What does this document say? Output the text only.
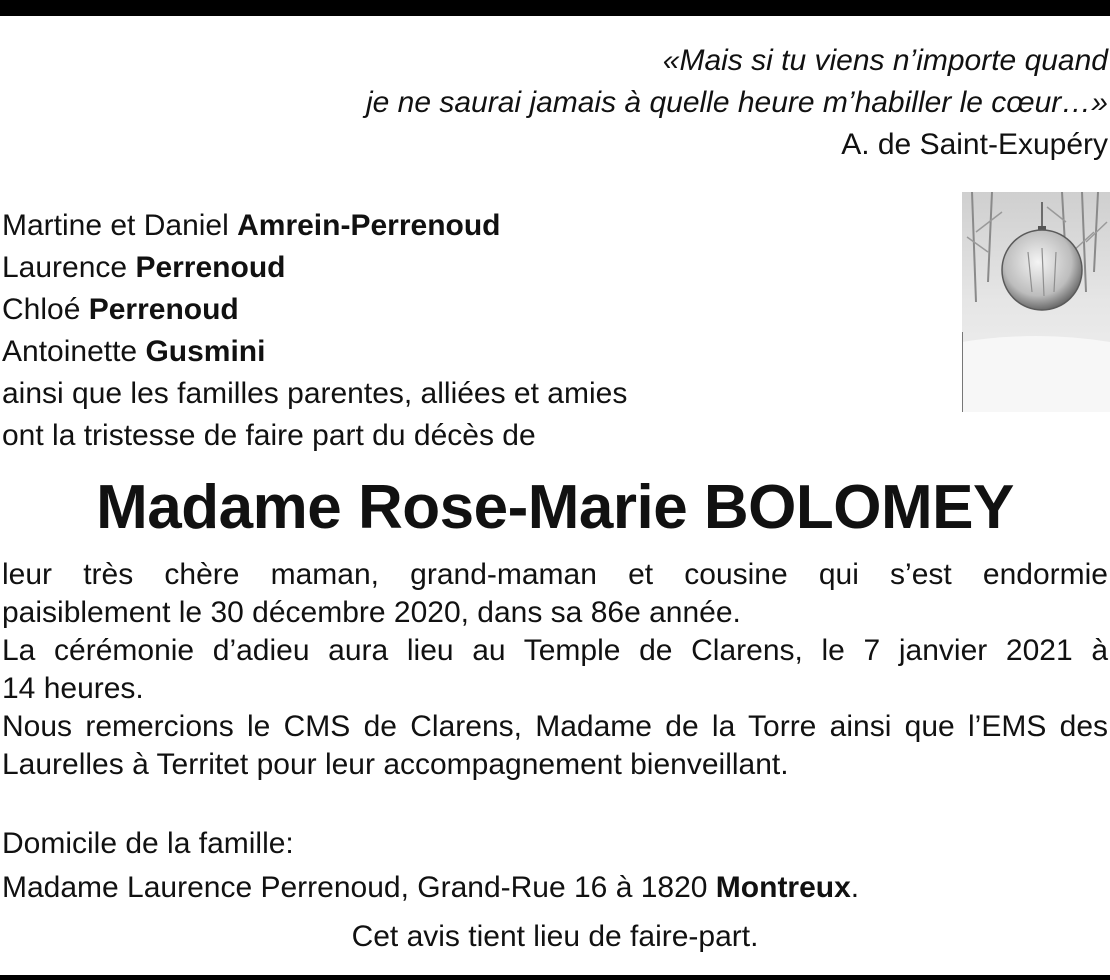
«Mais si tu viens n’importe quand
je ne saurai jamais à quelle heure m’habiller le cœur…»
A. de Saint-Exupéry
Martine et Daniel Amrein-Perrenoud
Laurence Perrenoud
Chloé Perrenoud
Antoinette Gusmini
ainsi que les familles parentes, alliées et amies
ont la tristesse de faire part du décès de
Madame Rose-Marie BOLOMEY

leur très chère maman, grand-maman et cousine qui s’est endormie

paisiblement le 30 décembre 2020, dans sa 86e année.

La cérémonie d’adieu aura lieu au Temple de Clarens, le 7 janvier 2021 à

14 heures.

Nous remercions le CMS de Clarens, Madame de la Torre ainsi que l’EMS des

Laurelles à Territet pour leur accompagnement bienveillant.

Domicile de la famille:
Madame Laurence Perrenoud, Grand-Rue 16 à 1820 Montreux.
Cet avis tient lieu de faire-part.
